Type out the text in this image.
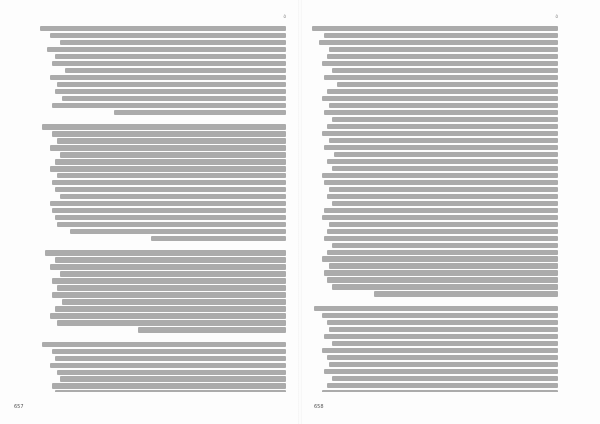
٥
657
٥
658
